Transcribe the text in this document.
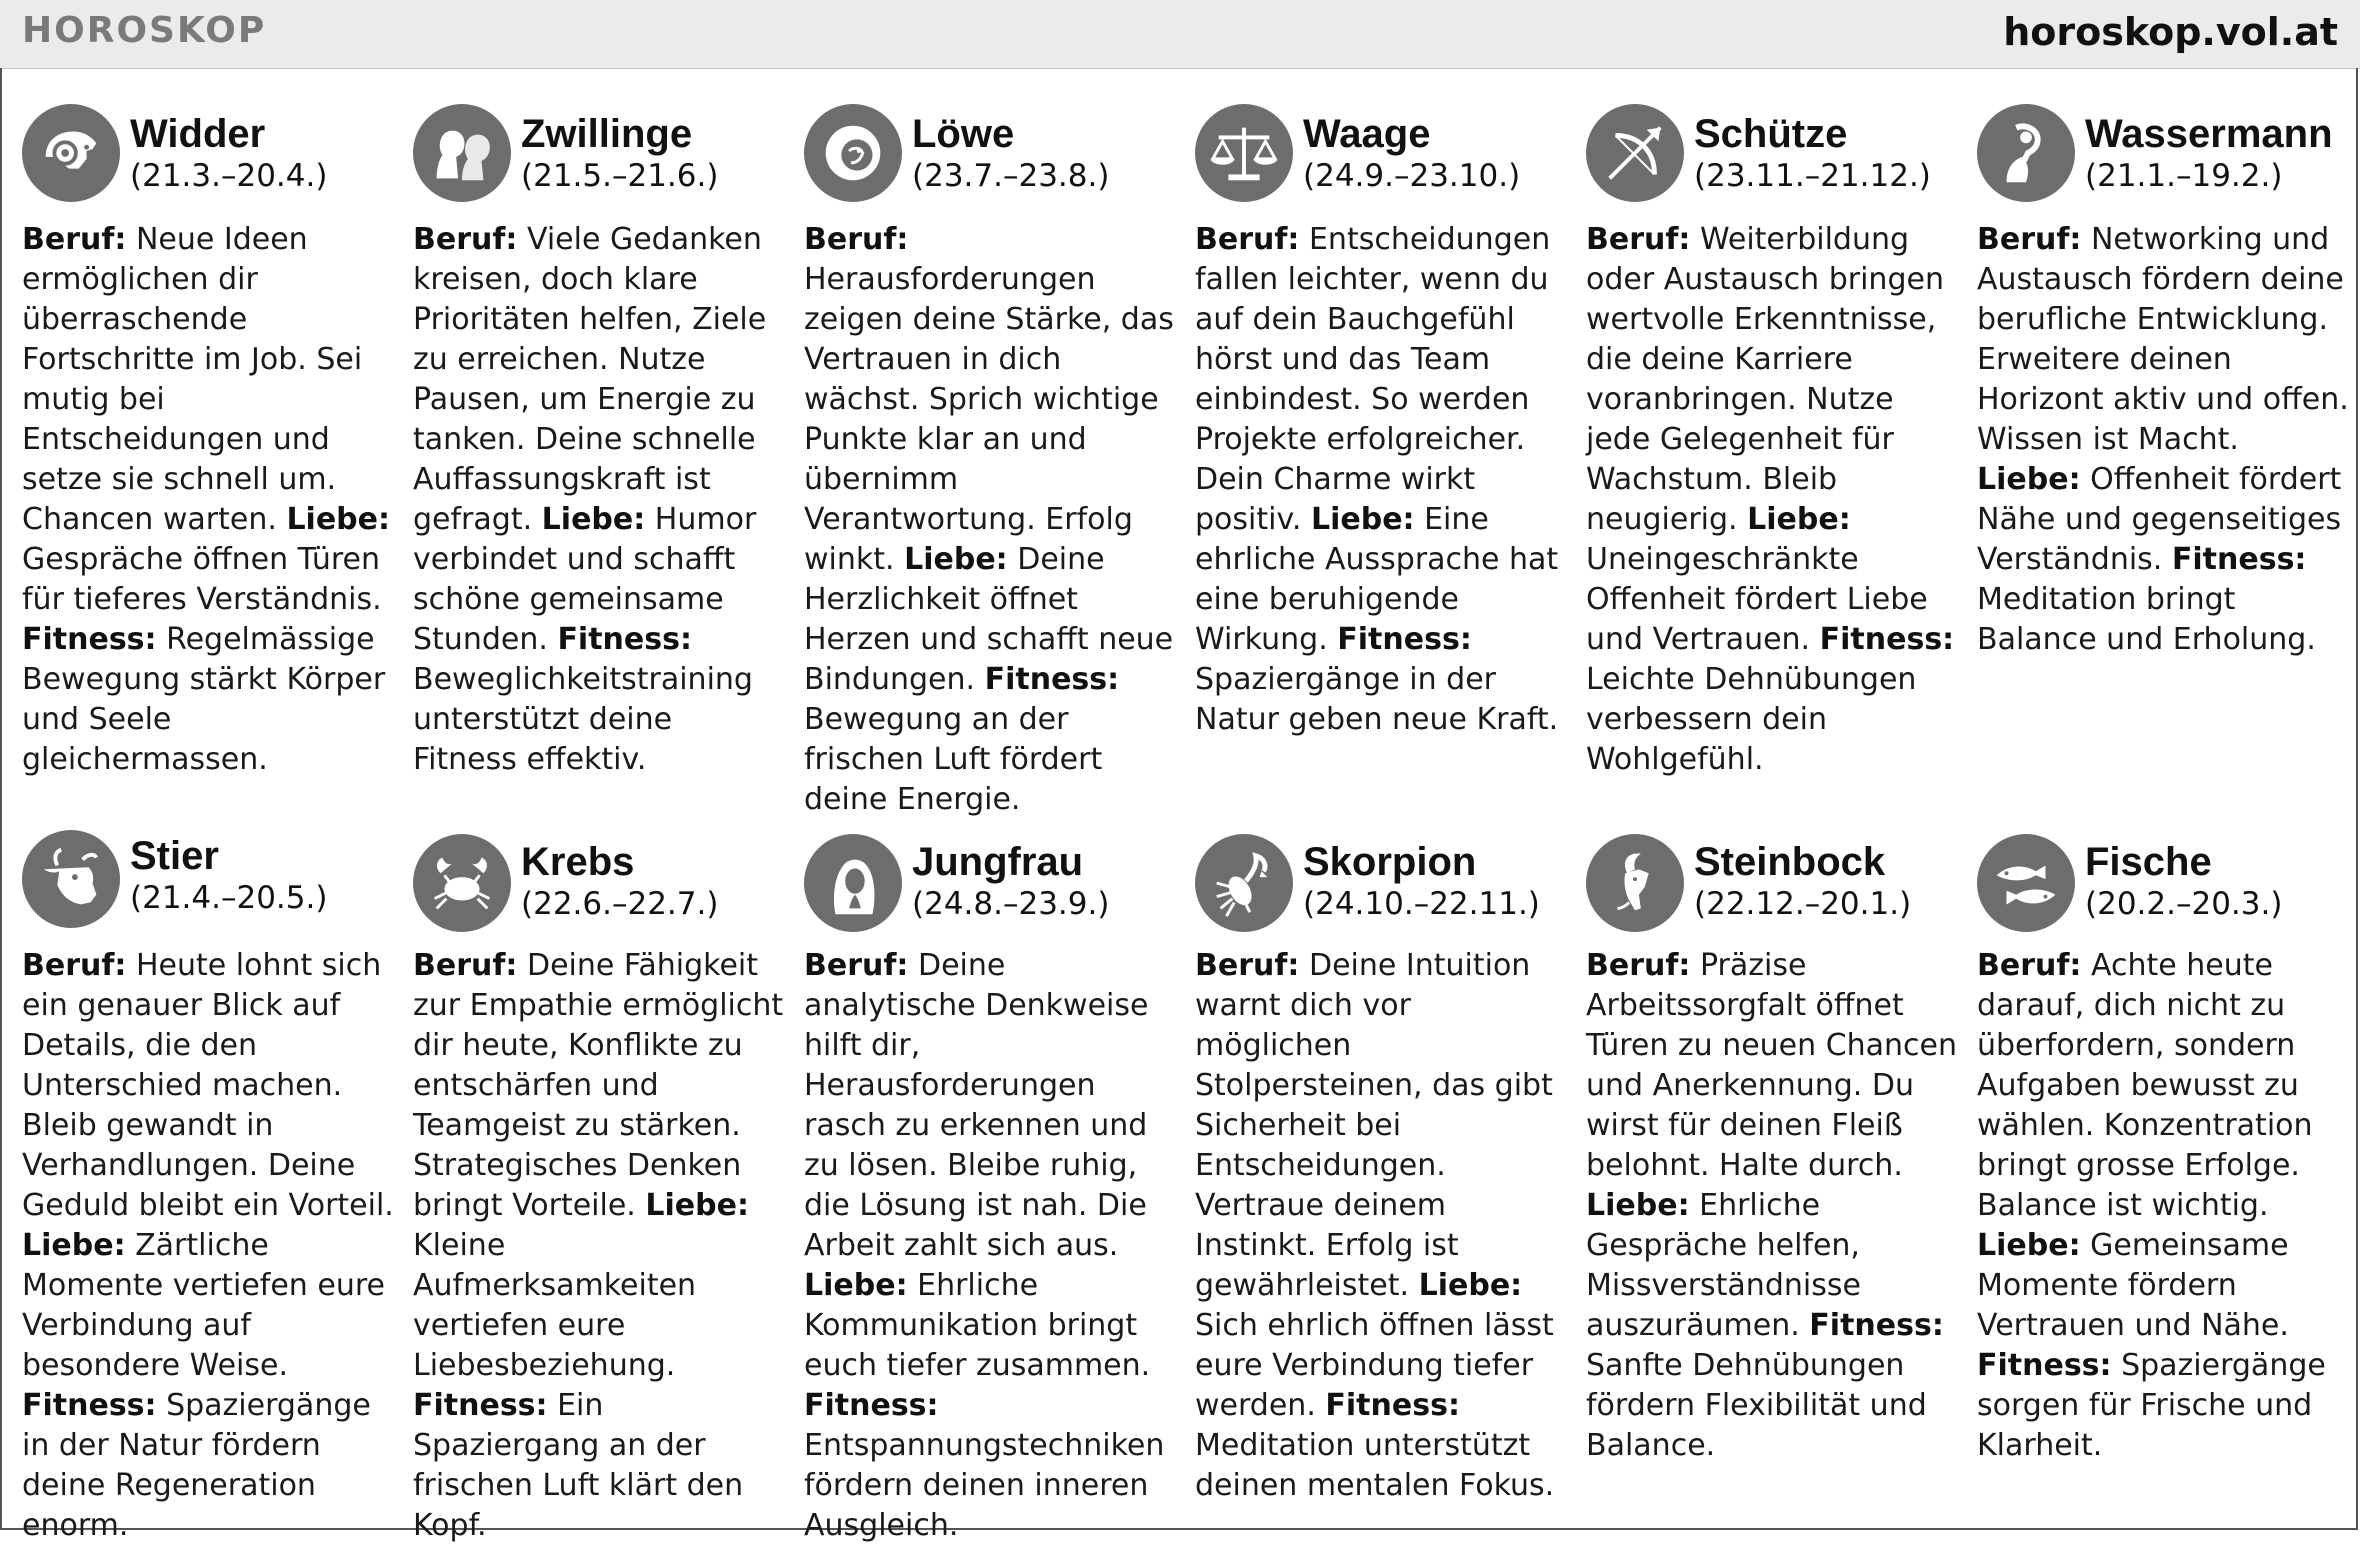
HOROSKOP	horoskop.vol.at
Widder
(21.3.–20.4.)
Beruf: Neue Ideen ermöglichen dir überraschende Fortschritte im Job. Sei mutig bei Entscheidungen und setze sie schnell um. Chancen warten. Liebe: Gespräche öffnen Türen für tieferes Verständnis. Fitness: Regelmässige Bewegung stärkt Körper und Seele gleichermassen.
Zwillinge
(21.5.–21.6.)
Beruf: Viele Gedanken kreisen, doch klare Prioritäten helfen, Ziele zu erreichen. Nutze Pausen, um Energie zu tanken. Deine schnelle Auffassungskraft ist gefragt. Liebe: Humor verbindet und schafft schöne gemeinsame Stunden. Fitness: Beweglichkeitstraining unterstützt deine Fitness effektiv.
Löwe
(23.7.–23.8.)
Beruf: Herausforderungen zeigen deine Stärke, das Vertrauen in dich wächst. Sprich wichtige Punkte klar an und übernimm Verantwortung. Erfolg winkt. Liebe: Deine Herzlichkeit öffnet Herzen und schafft neue Bindungen. Fitness: Bewegung an der frischen Luft fördert deine Energie.
Waage
(24.9.–23.10.)
Beruf: Entscheidungen fallen leichter, wenn du auf dein Bauchgefühl hörst und das Team einbindest. So werden Projekte erfolgreicher. Dein Charme wirkt positiv. Liebe: Eine ehrliche Aussprache hat eine beruhigende Wirkung. Fitness: Spaziergänge in der Natur geben neue Kraft.
Schütze
(23.11.–21.12.)
Beruf: Weiterbildung oder Austausch bringen wertvolle Erkenntnisse, die deine Karriere voranbringen. Nutze jede Gelegenheit für Wachstum. Bleib neugierig. Liebe: Uneingeschränkte Offenheit fördert Liebe und Vertrauen. Fitness: Leichte Dehnübungen verbessern dein Wohlgefühl.
Wassermann
(21.1.–19.2.)
Beruf: Networking und Austausch fördern deine berufliche Entwicklung. Erweitere deinen Horizont aktiv und offen. Wissen ist Macht. Liebe: Offenheit fördert Nähe und gegenseitiges Verständnis. Fitness: Meditation bringt Balance und Erholung.
Stier
(21.4.–20.5.)
Beruf: Heute lohnt sich ein genauer Blick auf Details, die den Unterschied machen. Bleib gewandt in Verhandlungen. Deine Geduld bleibt ein Vorteil. Liebe: Zärtliche Momente vertiefen eure Verbindung auf besondere Weise. Fitness: Spaziergänge in der Natur fördern deine Regeneration enorm.
Krebs
(22.6.–22.7.)
Beruf: Deine Fähigkeit zur Empathie ermöglicht dir heute, Konflikte zu entschärfen und Teamgeist zu stärken. Strategisches Denken bringt Vorteile. Liebe: Kleine Aufmerksamkeiten vertiefen eure Liebesbeziehung. Fitness: Ein Spaziergang an der frischen Luft klärt den Kopf.
Jungfrau
(24.8.–23.9.)
Beruf: Deine analytische Denkweise hilft dir, Herausforderungen rasch zu erkennen und zu lösen. Bleibe ruhig, die Lösung ist nah. Die Arbeit zahlt sich aus. Liebe: Ehrliche Kommunikation bringt euch tiefer zusammen. Fitness: Entspannungstechniken fördern deinen inneren Ausgleich.
Skorpion
(24.10.–22.11.)
Beruf: Deine Intuition warnt dich vor möglichen Stolpersteinen, das gibt Sicherheit bei Entscheidungen. Vertraue deinem Instinkt. Erfolg ist gewährleistet. Liebe: Sich ehrlich öffnen lässt eure Verbindung tiefer werden. Fitness: Meditation unterstützt deinen mentalen Fokus.
Steinbock
(22.12.–20.1.)
Beruf: Präzise Arbeitssorgfalt öffnet Türen zu neuen Chancen und Anerkennung. Du wirst für deinen Fleiß belohnt. Halte durch. Liebe: Ehrliche Gespräche helfen, Missverständnisse auszuräumen. Fitness: Sanfte Dehnübungen fördern Flexibilität und Balance.
Fische
(20.2.–20.3.)
Beruf: Achte heute darauf, dich nicht zu überfordern, sondern Aufgaben bewusst zu wählen. Konzentration bringt grosse Erfolge. Balance ist wichtig. Liebe: Gemeinsame Momente fördern Vertrauen und Nähe. Fitness: Spaziergänge sorgen für Frische und Klarheit.
